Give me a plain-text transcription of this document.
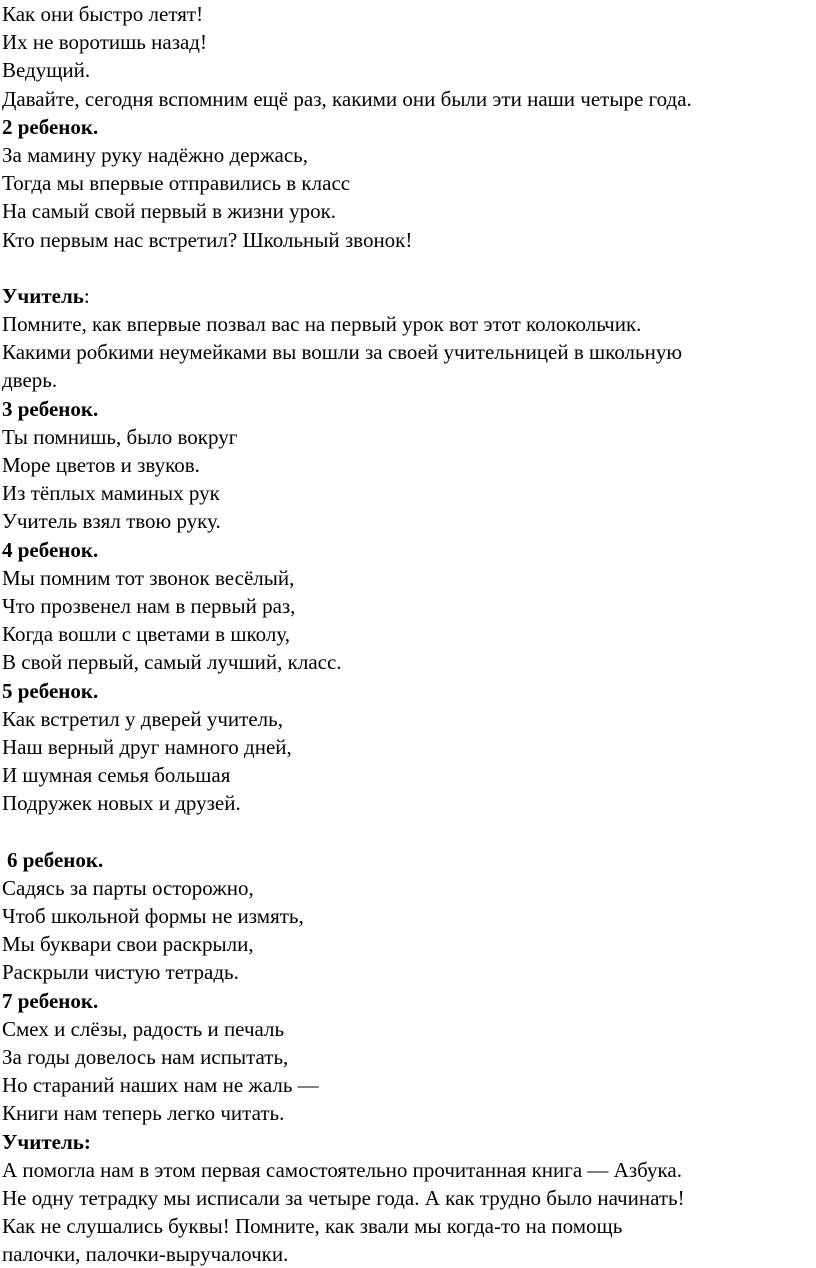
Как они быстро летят!
Их не воротишь назад!
Ведущий.
Давайте, сегодня вспомним ещё раз, какими они были эти наши четыре года.
2 ребенок.
За мамину руку надёжно держась,
Тогда мы впервые отправились в класс
На самый свой первый в жизни урок.
Кто первым нас встретил? Школьный звонок!
Учитель:
Помните, как впервые позвал вас на первый урок вот этот колокольчик.
Какими робкими неумейками вы вошли за своей учительницей в школьную
дверь.
3 ребенок.
Ты помнишь, было вокруг
Море цветов и звуков.
Из тёплых маминых рук
Учитель взял твою руку.
4 ребенок.
Мы помним тот звонок весёлый,
Что прозвенел нам в первый раз,
Когда вошли с цветами в школу,
В свой первый, самый лучший, класс.
5 ребенок.
Как встретил у дверей учитель,
Наш верный друг намного дней,
И шумная семья большая
Подружек новых и друзей.
6 ребенок.
Садясь за парты осторожно,
Чтоб школьной формы не измять,
Мы буквари свои раскрыли,
Раскрыли чистую тетрадь.
7 ребенок.
Смех и слёзы, радость и печаль
За годы довелось нам испытать,
Но стараний наших нам не жаль —
Книги нам теперь легко читать.
Учитель:
А помогла нам в этом первая самостоятельно прочитанная книга — Азбука.
Не одну тетрадку мы исписали за четыре года. А как трудно было начинать!
Как не слушались буквы! Помните, как звали мы когда-то на помощь
палочки, палочки-выручалочки.
